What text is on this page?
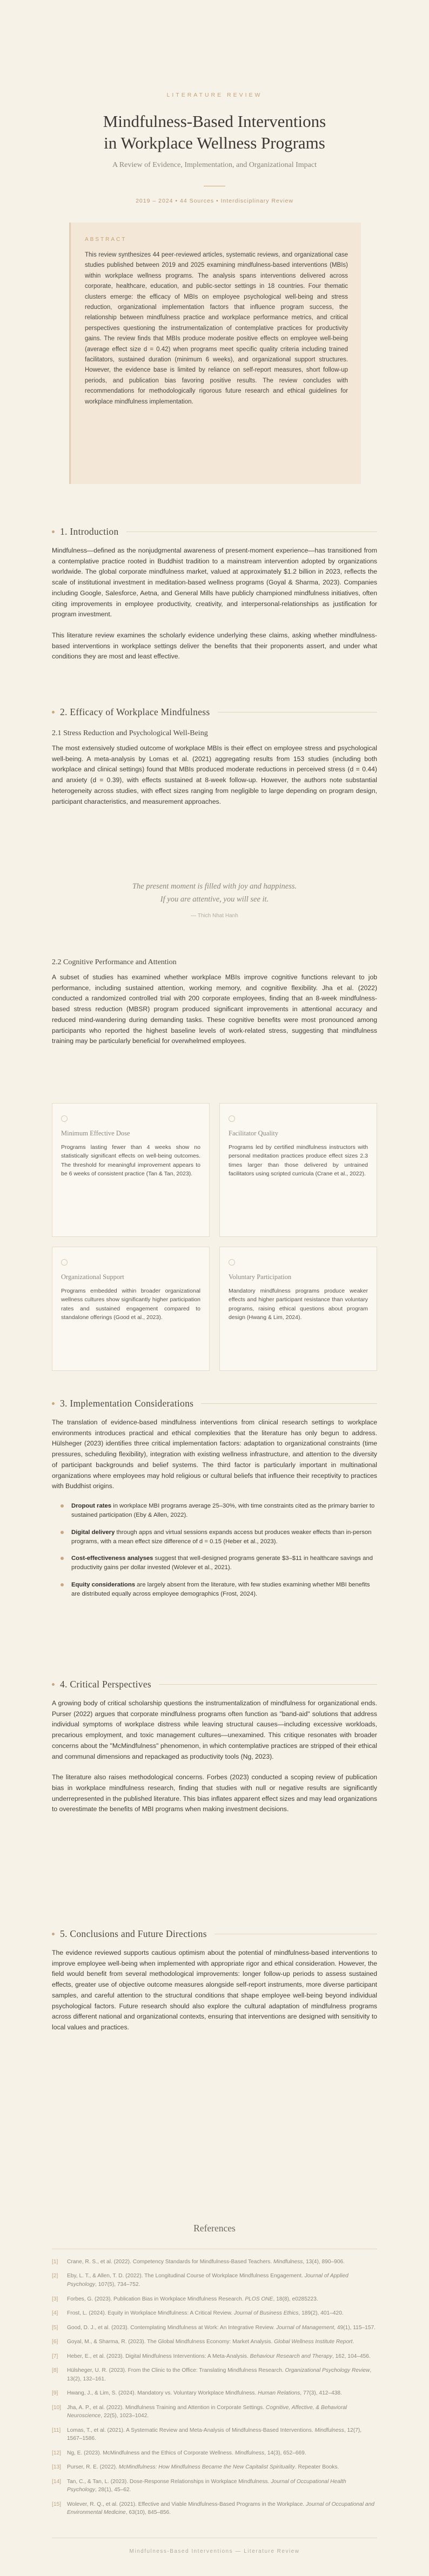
LITERATURE REVIEW
Mindfulness-Based Interventions
in Workplace Wellness Programs
A Review of Evidence, Implementation, and Organizational Impact
2019 – 2024 • 44 Sources • Interdisciplinary Review
ABSTRACT
This review synthesizes 44 peer-reviewed articles, systematic reviews, and organizational case studies published between 2019 and 2025 examining mindfulness-based interventions (MBIs) within workplace wellness programs. The analysis spans interventions delivered across corporate, healthcare, education, and public-sector settings in 18 countries. Four thematic clusters emerge: the efficacy of MBIs on employee psychological well-being and stress reduction, organizational implementation factors that influence program success, the relationship between mindfulness practice and workplace performance metrics, and critical perspectives questioning the instrumentalization of contemplative practices for productivity gains. The review finds that MBIs produce moderate positive effects on employee well-being (average effect size d = 0.42) when programs meet specific quality criteria including trained facilitators, sustained duration (minimum 6 weeks), and organizational support structures. However, the evidence base is limited by reliance on self-report measures, short follow-up periods, and publication bias favoring positive results. The review concludes with recommendations for methodologically rigorous future research and ethical guidelines for workplace mindfulness implementation.
1. Introduction

Mindfulness—defined as the nonjudgmental awareness of present-moment experience—has transitioned from a contemplative practice rooted in Buddhist tradition to a mainstream intervention adopted by organizations worldwide. The global corporate mindfulness market, valued at approximately $1.2 billion in 2023, reflects the scale of institutional investment in meditation-based wellness programs (Goyal & Sharma, 2023). Companies including Google, Salesforce, Aetna, and General Mills have publicly championed mindfulness initiatives, often citing improvements in employee productivity, creativity, and interpersonal-relationships as justification for program investment.

This literature review examines the scholarly evidence underlying these claims, asking whether mindfulness-based interventions in workplace settings deliver the benefits that their proponents assert, and under what conditions they are most and least effective.

2. Efficacy of Workplace Mindfulness
2.1 Stress Reduction and Psychological Well-Being

The most extensively studied outcome of workplace MBIs is their effect on employee stress and psychological well-being. A meta-analysis by Lomas et al. (2021) aggregating results from 153 studies (including both workplace and clinical settings) found that MBIs produced moderate reductions in perceived stress (d = 0.44) and anxiety (d = 0.39), with effects sustained at 8-week follow-up. However, the authors note substantial heterogeneity across studies, with effect sizes ranging from negligible to large depending on program design, participant characteristics, and measurement approaches.

The present moment is filled with joy and happiness.
If you are attentive, you will see it.
— Thich Nhat Hanh
2.2 Cognitive Performance and Attention

A subset of studies has examined whether workplace MBIs improve cognitive functions relevant to job performance, including sustained attention, working memory, and cognitive flexibility. Jha et al. (2022) conducted a randomized controlled trial with 200 corporate employees, finding that an 8-week mindfulness-based stress reduction (MBSR) program produced significant improvements in attentional accuracy and reduced mind-wandering during demanding tasks. These cognitive benefits were most pronounced among participants who reported the highest baseline levels of work-related stress, suggesting that mindfulness training may be particularly beneficial for overwhelmed employees.

Minimum Effective Dose
Programs lasting fewer than 4 weeks show no statistically significant effects on well-being outcomes. The threshold for meaningful improvement appears to be 6 weeks of consistent practice (Tan & Tan, 2023).
Facilitator Quality
Programs led by certified mindfulness instructors with personal meditation practices produce effect sizes 2.3 times larger than those delivered by untrained facilitators using scripted curricula (Crane et al., 2022).
Organizational Support
Programs embedded within broader organizational wellness cultures show significantly higher participation rates and sustained engagement compared to standalone offerings (Good et al., 2023).
Voluntary Participation
Mandatory mindfulness programs produce weaker effects and higher participant resistance than voluntary programs, raising ethical questions about program design (Hwang & Lim, 2024).
3. Implementation Considerations

The translation of evidence-based mindfulness interventions from clinical research settings to workplace environments introduces practical and ethical complexities that the literature has only begun to address. Hülsheger (2023) identifies three critical implementation factors: adaptation to organizational constraints (time pressures, scheduling flexibility), integration with existing wellness infrastructure, and attention to the diversity of participant backgrounds and belief systems. The third factor is particularly important in multinational organizations where employees may hold religious or cultural beliefs that influence their receptivity to practices with Buddhist origins.

Dropout rates in workplace MBI programs average 25–30%, with time constraints cited as the primary barrier to sustained participation (Eby & Allen, 2022).
Digital delivery through apps and virtual sessions expands access but produces weaker effects than in-person programs, with a mean effect size difference of d = 0.15 (Heber et al., 2023).
Cost-effectiveness analyses suggest that well-designed programs generate $3–$11 in healthcare savings and productivity gains per dollar invested (Wolever et al., 2021).
Equity considerations are largely absent from the literature, with few studies examining whether MBI benefits are distributed equally across employee demographics (Frost, 2024).
4. Critical Perspectives

A growing body of critical scholarship questions the instrumentalization of mindfulness for organizational ends. Purser (2022) argues that corporate mindfulness programs often function as "band-aid" solutions that address individual symptoms of workplace distress while leaving structural causes—including excessive workloads, precarious employment, and toxic management cultures—unexamined. This critique resonates with broader concerns about the "McMindfulness" phenomenon, in which contemplative practices are stripped of their ethical and communal dimensions and repackaged as productivity tools (Ng, 2023).

The literature also raises methodological concerns. Forbes (2023) conducted a scoping review of publication bias in workplace mindfulness research, finding that studies with null or negative results are significantly underrepresented in the published literature. This bias inflates apparent effect sizes and may lead organizations to overestimate the benefits of MBI programs when making investment decisions.

5. Conclusions and Future Directions

The evidence reviewed supports cautious optimism about the potential of mindfulness-based interventions to improve employee well-being when implemented with appropriate rigor and ethical consideration. However, the field would benefit from several methodological improvements: longer follow-up periods to assess sustained effects, greater use of objective outcome measures alongside self-report instruments, more diverse participant samples, and careful attention to the structural conditions that shape employee well-being beyond individual psychological factors. Future research should also explore the cultural adaptation of mindfulness programs across different national and organizational contexts, ensuring that interventions are designed with sensitivity to local values and practices.

References
[1] Crane, R. S., et al. (2022). Competency Standards for Mindfulness-Based Teachers. Mindfulness, 13(4), 890–906.
[2] Eby, L. T., & Allen, T. D. (2022). The Longitudinal Course of Workplace Mindfulness Engagement. Journal of Applied Psychology, 107(5), 734–752.
[3] Forbes, G. (2023). Publication Bias in Workplace Mindfulness Research. PLOS ONE, 18(8), e0285223.
[4] Frost, L. (2024). Equity in Workplace Mindfulness: A Critical Review. Journal of Business Ethics, 189(2), 401–420.
[5] Good, D. J., et al. (2023). Contemplating Mindfulness at Work: An Integrative Review. Journal of Management, 49(1), 115–157.
[6] Goyal, M., & Sharma, R. (2023). The Global Mindfulness Economy: Market Analysis. Global Wellness Institute Report.
[7] Heber, E., et al. (2023). Digital Mindfulness Interventions: A Meta-Analysis. Behaviour Research and Therapy, 162, 104–456.
[8] Hülsheger, U. R. (2023). From the Clinic to the Office: Translating Mindfulness Research. Organizational Psychology Review, 13(2), 132–161.
[9] Hwang, J., & Lim, S. (2024). Mandatory vs. Voluntary Workplace Mindfulness. Human Relations, 77(3), 412–438.
[10] Jha, A. P., et al. (2022). Mindfulness Training and Attention in Corporate Settings. Cognitive, Affective, & Behavioral Neuroscience, 22(5), 1023–1042.
[11] Lomas, T., et al. (2021). A Systematic Review and Meta-Analysis of Mindfulness-Based Interventions. Mindfulness, 12(7), 1567–1586.
[12] Ng, E. (2023). McMindfulness and the Ethics of Corporate Wellness. Mindfulness, 14(3), 652–669.
[13] Purser, R. E. (2022). McMindfulness: How Mindfulness Became the New Capitalist Spirituality. Repeater Books.
[14] Tan, C., & Tan, L. (2023). Dose-Response Relationships in Workplace Mindfulness. Journal of Occupational Health Psychology, 28(1), 45–62.
[15] Wolever, R. Q., et al. (2021). Effective and Viable Mindfulness-Based Programs in the Workplace. Journal of Occupational and Environmental Medicine, 63(10), 845–856.
Mindfulness-Based Interventions — Literature Review
